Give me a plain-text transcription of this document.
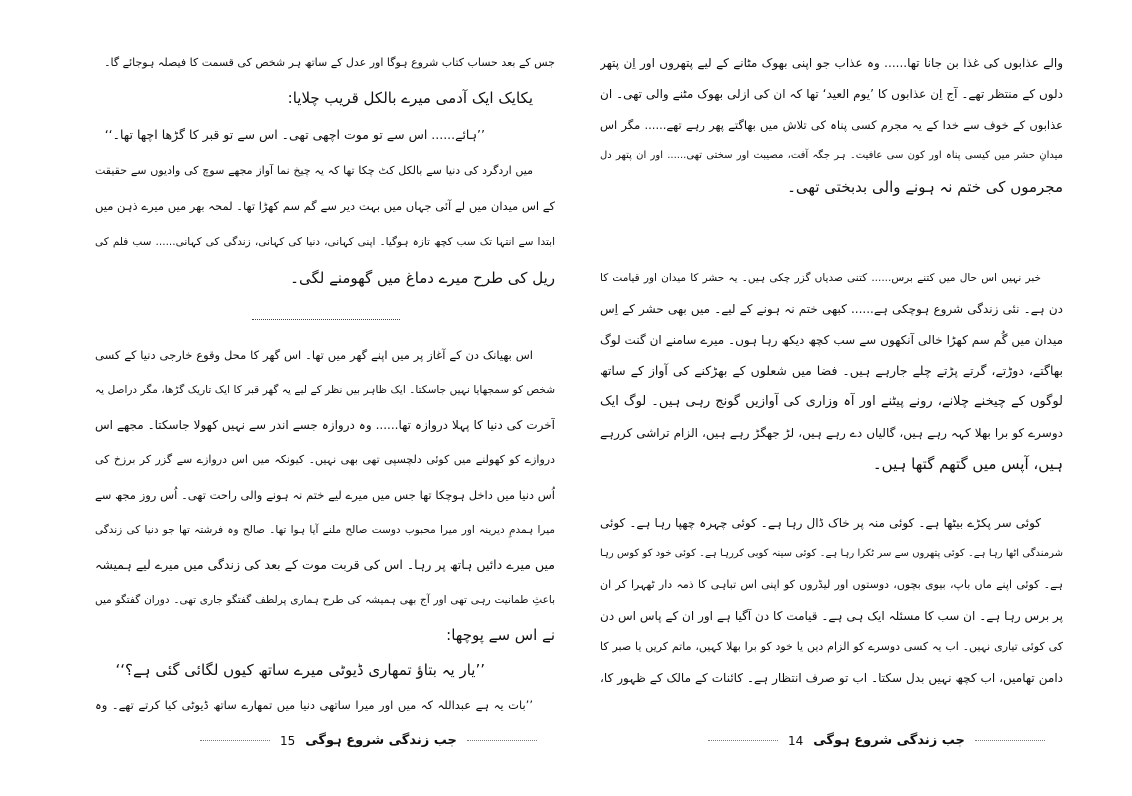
جس کے بعد حساب کتاب شروع ہوگا اور عدل کے ساتھ ہر شخص کی قسمت کا فیصلہ ہوجائے گا۔
یکایک ایک آدمی میرے بالکل قریب چلایا:
’’ہائے...... اس سے تو موت اچھی تھی۔ اس سے تو قبر کا گڑھا اچھا تھا۔‘‘
میں اردگرد کی دنیا سے بالکل کٹ چکا تھا کہ یہ چیخ نما آواز مجھے سوچ کی وادیوں سے حقیقت
کے اس میدان میں لے آئی جہاں میں بہت دیر سے گم سم کھڑا تھا۔ لمحہ بھر میں میرے ذہن میں
ابتدا سے انتہا تک سب کچھ تازہ ہوگیا۔ اپنی کہانی، دنیا کی کہانی، زندگی کی کہانی...... سب فلم کی
ریل کی طرح میرے دماغ میں گھومنے لگی۔
اس بھیانک دن کے آغاز پر میں اپنے گھر میں تھا۔ اس گھر کا محل وقوع خارجی دنیا کے کسی
شخص کو سمجھایا نہیں جاسکتا۔ ایک ظاہر بیں نظر کے لیے یہ گھر قبر کا ایک تاریک گڑھا، مگر دراصل یہ
آخرت کی دنیا کا پہلا دروازہ تھا...... وہ دروازہ جسے اندر سے نہیں کھولا جاسکتا۔ مجھے اس
دروازے کو کھولنے میں کوئی دلچسپی تھی بھی نہیں۔ کیونکہ میں اس دروازے سے گزر کر برزخ کی
اُس دنیا میں داخل ہوچکا تھا جس میں میرے لیے ختم نہ ہونے والی راحت تھی۔ اُس روز مجھ سے
میرا ہمدمِ دیرینہ اور میرا محبوب دوست صالح ملنے آیا ہوا تھا۔ صالح وہ فرشتہ تھا جو دنیا کی زندگی
میں میرے دائیں ہاتھ پر رہا۔ اس کی قربت موت کے بعد کی زندگی میں میرے لیے ہمیشہ
باعثِ طمانیت رہی تھی اور آج بھی ہمیشہ کی طرح ہماری پرلطف گفتگو جاری تھی۔ دوران گفتگو میں
نے اس سے پوچھا:
’’یار یہ بتاؤ تمھاری ڈیوٹی میرے ساتھ کیوں لگائی گئی ہے؟‘‘
’’بات یہ ہے عبداللہ کہ میں اور میرا ساتھی دنیا میں تمھارے ساتھ ڈیوٹی کیا کرتے تھے۔ وہ
15 جب زندگی شروع ہوگی
والے عذابوں کی غذا بن جانا تھا...... وہ عذاب جو اپنی بھوک مٹانے کے لیے پتھروں اور اِن پتھر
دلوں کے منتظر تھے۔ آج اِن عذابوں کا ’یوم العید‘ تھا کہ ان کی ازلی بھوک مٹنے والی تھی۔ ان
عذابوں کے خوف سے خدا کے یہ مجرم کسی پناہ کی تلاش میں بھاگتے پھر رہے تھے...... مگر اس
میدانِ حشر میں کیسی پناہ اور کون سی عافیت۔ ہر جگہ آفت، مصیبت اور سختی تھی...... اور ان پتھر دل
مجرموں کی ختم نہ ہونے والی بدبختی تھی۔
خبر نہیں اس حال میں کتنے برس...... کتنی صدیاں گزر چکی ہیں۔ یہ حشر کا میدان اور قیامت کا
دن ہے۔ نئی زندگی شروع ہوچکی ہے...... کبھی ختم نہ ہونے کے لیے۔ میں بھی حشر کے اِس
میدان میں گُم سم کھڑا خالی آنکھوں سے سب کچھ دیکھ رہا ہوں۔ میرے سامنے ان گنت لوگ
بھاگتے، دوڑتے، گرتے پڑتے چلے جارہے ہیں۔ فضا میں شعلوں کے بھڑکنے کی آواز کے ساتھ
لوگوں کے چیخنے چلانے، رونے پیٹنے اور آہ وزاری کی آوازیں گونج رہی ہیں۔ لوگ ایک
دوسرے کو برا بھلا کہہ رہے ہیں، گالیاں دے رہے ہیں، لڑ جھگڑ رہے ہیں، الزام تراشی کررہے
ہیں، آپس میں گتھم گتھا ہیں۔
کوئی سر پکڑے بیٹھا ہے۔ کوئی منہ پر خاک ڈال رہا ہے۔ کوئی چہرہ چھپا رہا ہے۔ کوئی
شرمندگی اٹھا رہا ہے۔ کوئی پتھروں سے سر ٹکرا رہا ہے۔ کوئی سینہ کوبی کررہا ہے۔ کوئی خود کو کوس رہا
ہے۔ کوئی اپنے ماں باپ، بیوی بچوں، دوستوں اور لیڈروں کو اپنی اس تباہی کا ذمہ دار ٹھہرا کر ان
پر برس رہا ہے۔ ان سب کا مسئلہ ایک ہی ہے۔ قیامت کا دن آگیا ہے اور ان کے پاس اس دن
کی کوئی تیاری نہیں۔ اب یہ کسی دوسرے کو الزام دیں یا خود کو برا بھلا کہیں، ماتم کریں یا صبر کا
دامن تھامیں، اب کچھ نہیں بدل سکتا۔ اب تو صرف انتظار ہے۔ کائنات کے مالک کے ظہور کا،
14 جب زندگی شروع ہوگی
